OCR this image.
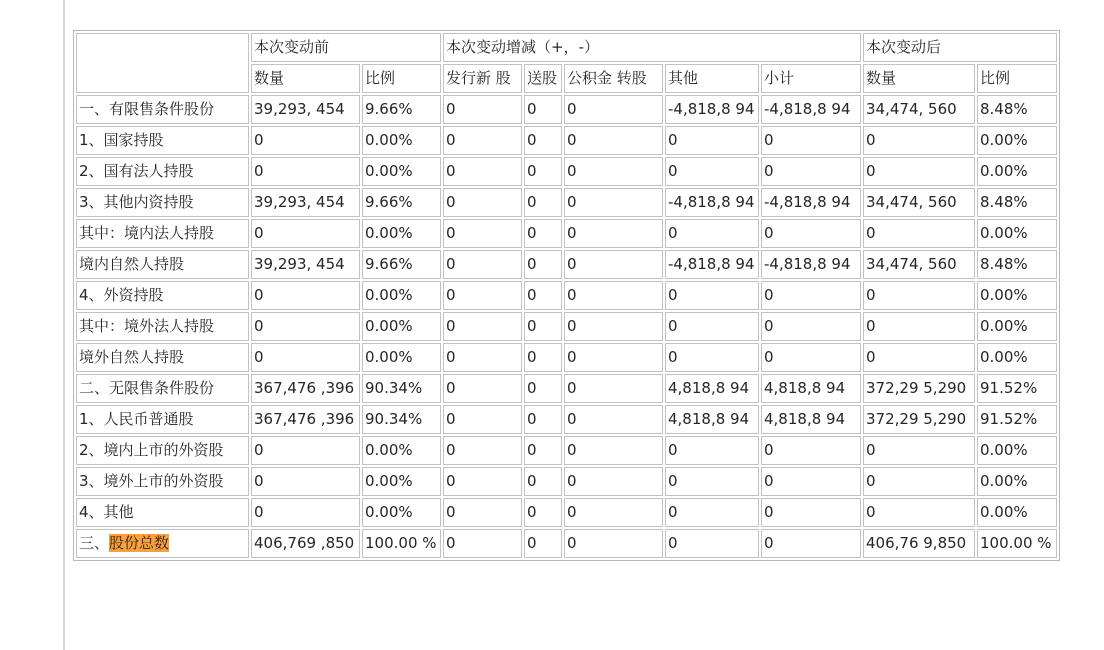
	本次变动前		本次变动增减（+，-）					本次变动后	
	数量	比例	发行新 股	送股	公积金 转股	其他	小计	数量	比例
一、有限售条件股份	39,293, 454	9.66%	0	0	0	-4,818,8 94	-4,818,8 94	34,474, 560	8.48%
1、国家持股	0	0.00%	0	0	0	0	0	0	0.00%
2、国有法人持股	0	0.00%	0	0	0	0	0	0	0.00%
3、其他内资持股	39,293, 454	9.66%	0	0	0	-4,818,8 94	-4,818,8 94	34,474, 560	8.48%
其中：境内法人持股	0	0.00%	0	0	0	0	0	0	0.00%
境内自然人持股	39,293, 454	9.66%	0	0	0	-4,818,8 94	-4,818,8 94	34,474, 560	8.48%
4、外资持股	0	0.00%	0	0	0	0	0	0	0.00%
其中：境外法人持股	0	0.00%	0	0	0	0	0	0	0.00%
境外自然人持股	0	0.00%	0	0	0	0	0	0	0.00%
二、无限售条件股份	367,476 ,396	90.34%	0	0	0	4,818,8 94	4,818,8 94	372,29 5,290	91.52%
1、人民币普通股	367,476 ,396	90.34%	0	0	0	4,818,8 94	4,818,8 94	372,29 5,290	91.52%
2、境内上市的外资股	0	0.00%	0	0	0	0	0	0	0.00%
3、境外上市的外资股	0	0.00%	0	0	0	0	0	0	0.00%
4、其他	0	0.00%	0	0	0	0	0	0	0.00%
三、股份总数	406,769 ,850	100.00 %	0	0	0	0	0	406,76 9,850	100.00 %
